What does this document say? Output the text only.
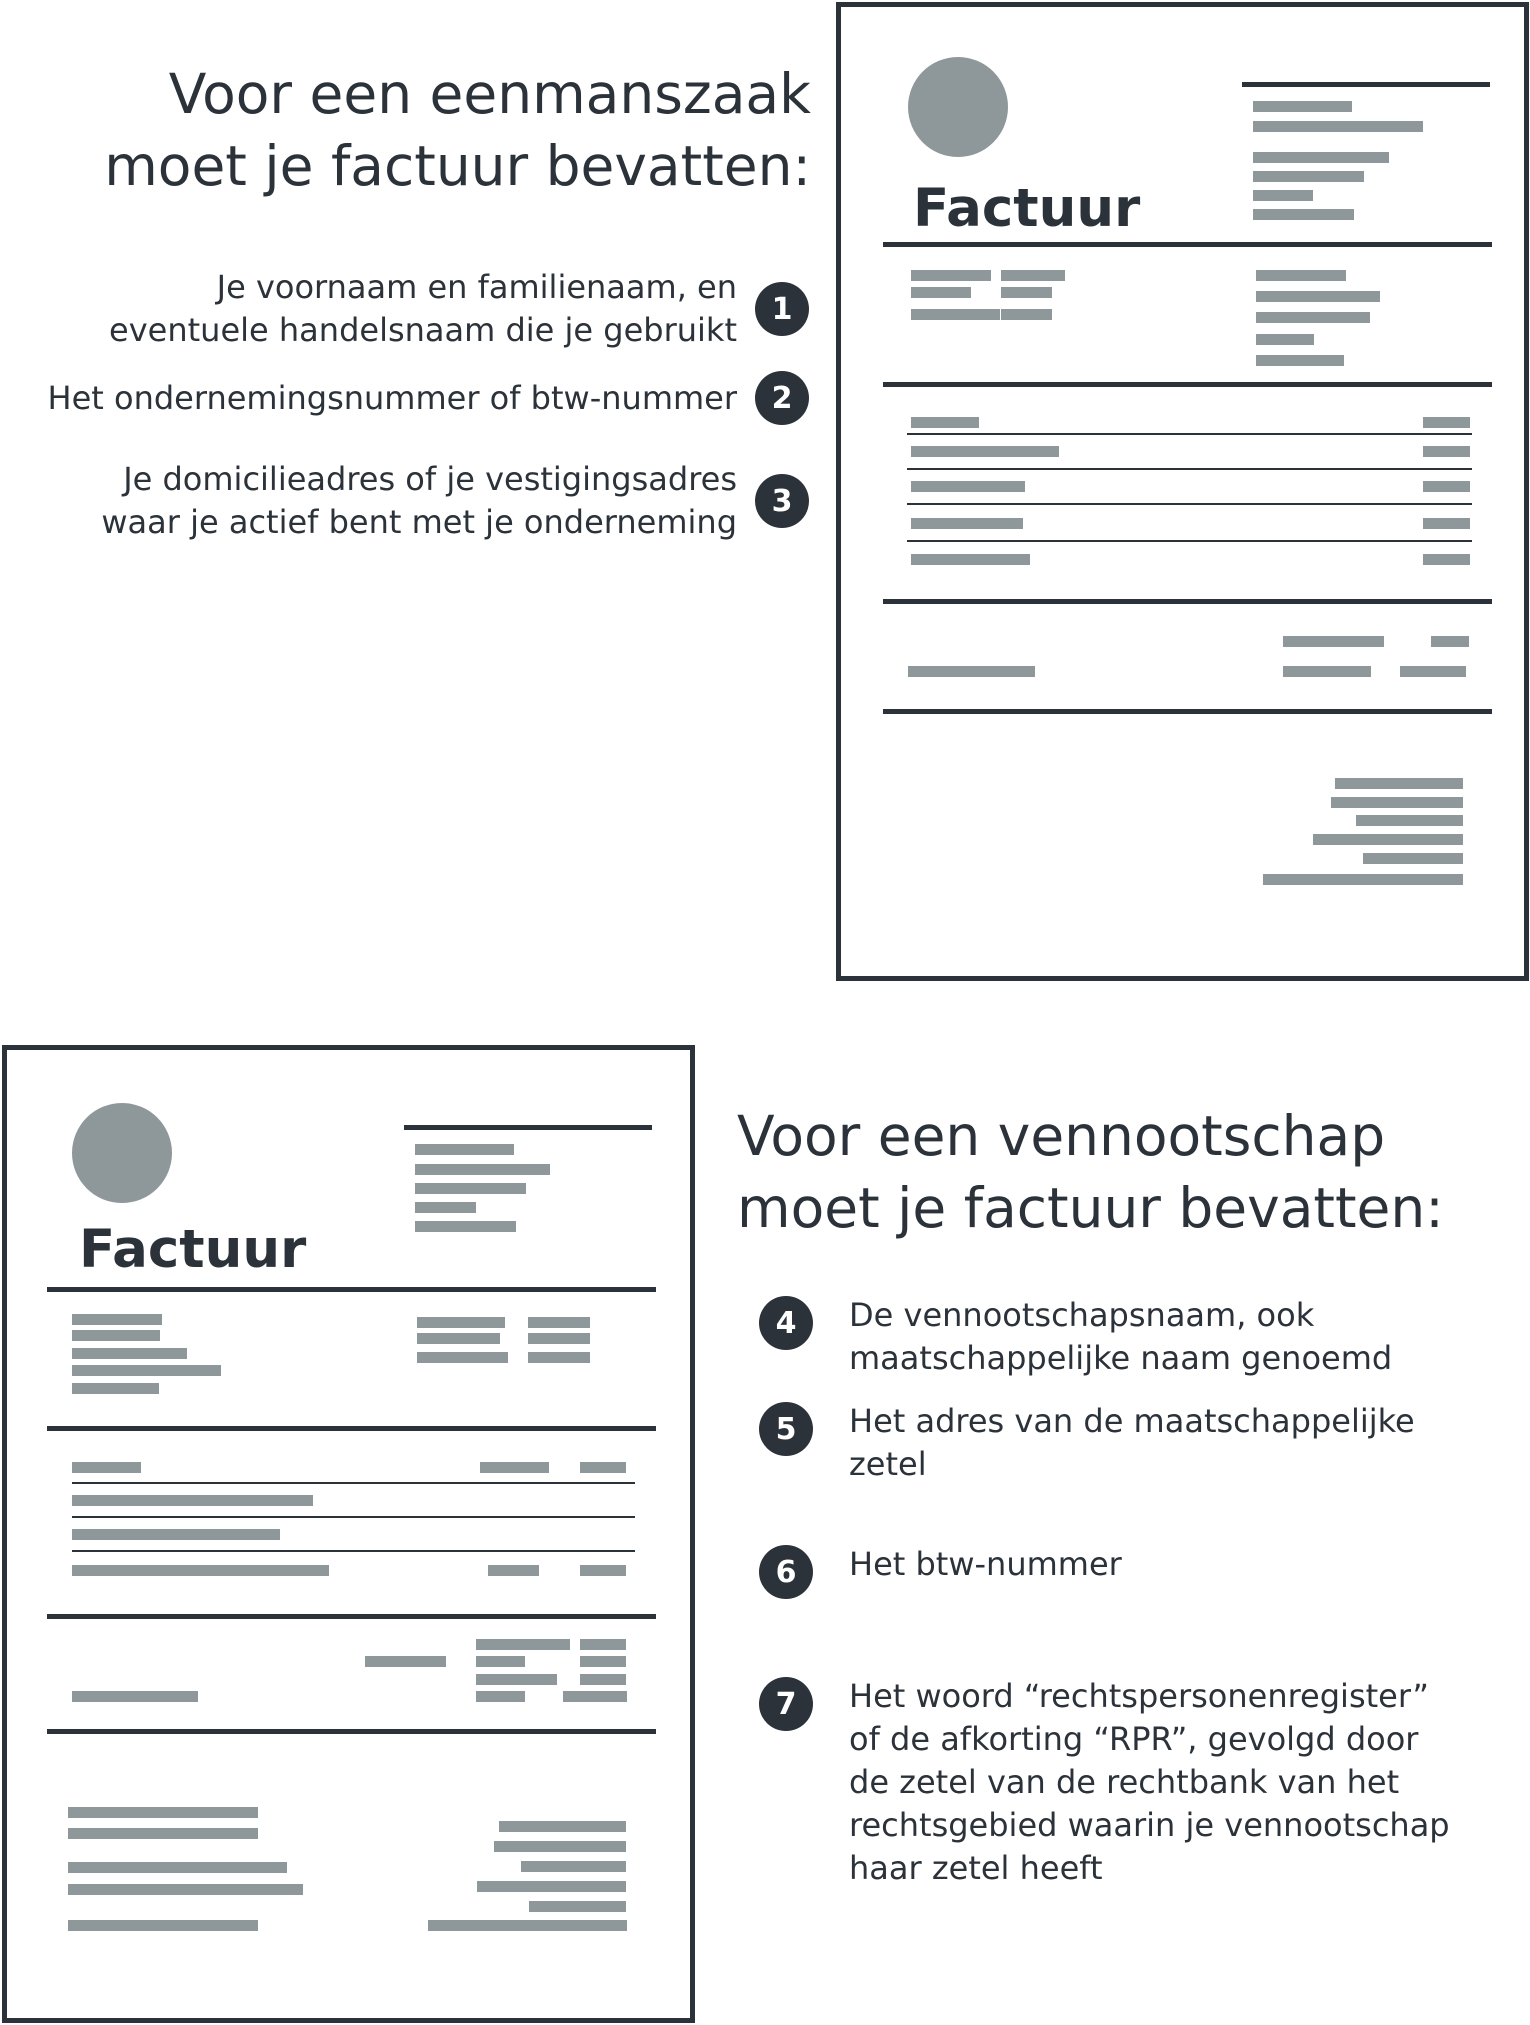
Voor een eenmanszaak
moet je factuur bevatten:
Je voornaam en familienaam, en
eventuele handelsnaam die je gebruikt
1
Het ondernemingsnummer of btw-nummer	2
Je domicilieadres of je vestigingsadres
waar je actief bent met je onderneming
3
Factuur
Factuur
Voor een vennootschap
moet je factuur bevatten:
4	De vennootschapsnaam, ook
maatschappelijke naam genoemd
5	Het adres van de maatschappelijke
zetel
6	Het btw-nummer
7	Het woord “rechtspersonenregister”
of de afkorting “RPR”, gevolgd door
de zetel van de rechtbank van het
rechtsgebied waarin je vennootschap
haar zetel heeft
